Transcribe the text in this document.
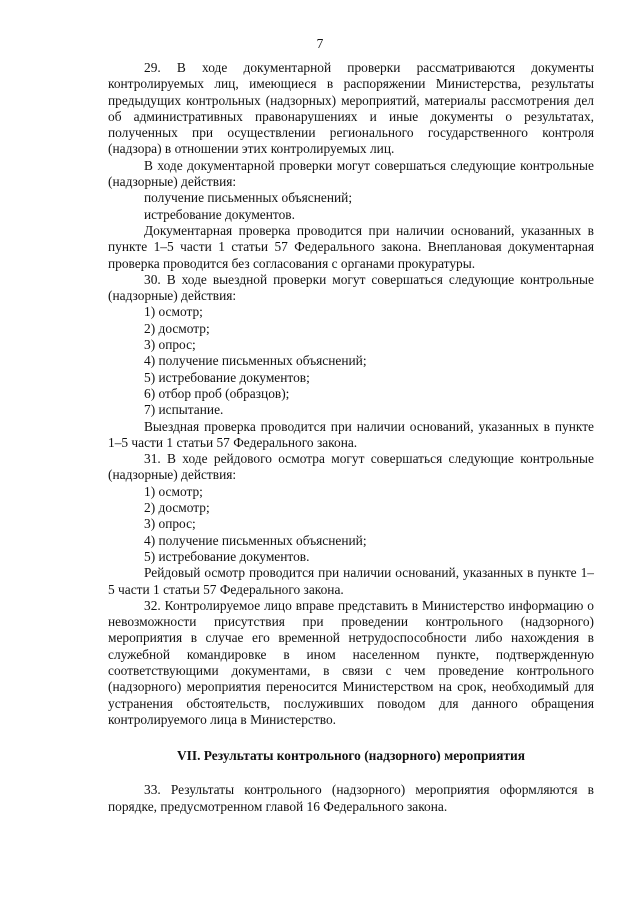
7

29. В ходе документарной проверки рассматриваются документы контролируемых лиц, имеющиеся в распоряжении Министерства, результаты предыдущих контрольных (надзорных) мероприятий, материалы рассмотрения дел об административных правонарушениях и иные документы о результатах, полученных при осуществлении регионального государственного контроля (надзора) в отношении этих контролируемых лиц.

В ходе документарной проверки могут совершаться следующие контрольные (надзорные) действия:

получение письменных объяснений;

истребование документов.

Документарная проверка проводится при наличии оснований, указанных в пункте 1–5 части 1 статьи 57 Федерального закона. Внеплановая документарная проверка проводится без согласования с органами прокуратуры.

30. В ходе выездной проверки могут совершаться следующие контрольные (надзорные) действия:

1) осмотр;

2) досмотр;

3) опрос;

4) получение письменных объяснений;

5) истребование документов;

6) отбор проб (образцов);

7) испытание.

Выездная проверка проводится при наличии оснований, указанных в пункте 1–5 части 1 статьи 57 Федерального закона.

31. В ходе рейдового осмотра могут совершаться следующие контрольные (надзорные) действия:

1) осмотр;

2) досмотр;

3) опрос;

4) получение письменных объяснений;

5) истребование документов.

Рейдовый осмотр проводится при наличии оснований, указанных в пункте 1–5 части 1 статьи 57 Федерального закона.

32. Контролируемое лицо вправе представить в Министерство информацию о невозможности присутствия при проведении контрольного (надзорного) мероприятия в случае его временной нетрудоспособности либо нахождения в служебной командировке в ином населенном пункте, подтвержденную соответствующими документами, в связи с чем проведение контрольного (надзорного) мероприятия переносится Министерством на срок, необходимый для устранения обстоятельств, послуживших поводом для данного обращения контролируемого лица в Министерство.

VII. Результаты контрольного (надзорного) мероприятия

33. Результаты контрольного (надзорного) мероприятия оформляются в порядке, предусмотренном главой 16 Федерального закона.
